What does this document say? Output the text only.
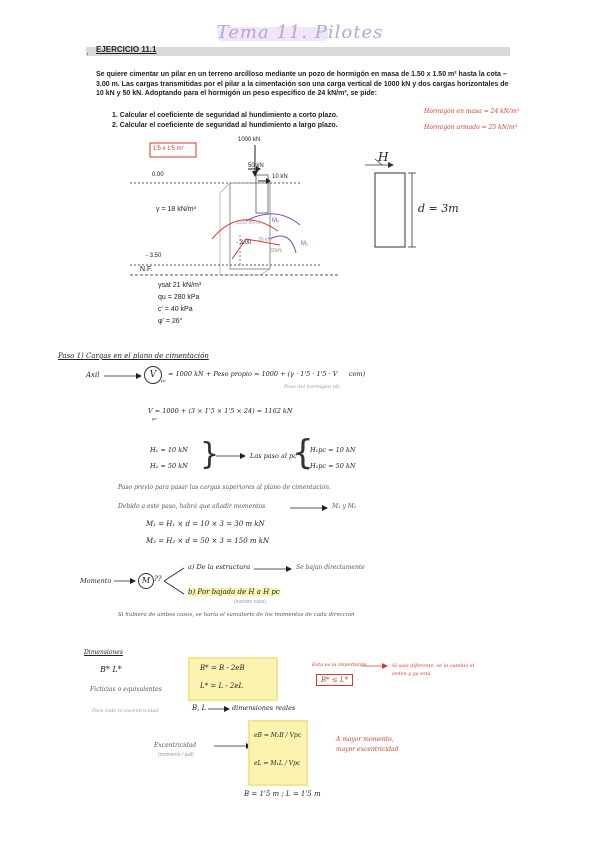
Tema 11. Pilotes
, EJERCICIO 11.1
Se quiere cimentar un pilar en un terreno arcilloso mediante un pozo de hormigón en masa de 1.50 x 1.50 m² hasta la cota –3.00 m. Las cargas transmitidas por el pilar a la cimentación son una carga vertical de 1000 kN y dos cargas horizontales de 10 kN y 50 kN. Adoptando para el hormigón un peso específico de 24 kN/m³, se pide:
1. Calcular el coeficiente de seguridad al hundimiento a corto plazo.
2. Calcular el coeficiente de seguridad al hundimiento a largo plazo.
Hormigón en masa = 24 kN/m³
Hormigón armado = 25 kN/m³
1'5 x 1'5 m²
1000 kN
50 kN
10 kN
0.00
γ = 18 kN/m³
- 3.50
- 3.00
N.F.
1500 kN·m
30 kN
30kN
M₂
M₁
γsat 21 kN/m³
qu = 280 kPa
c' = 40 kPa
φ' = 26°
H
d = 3m
Paso 1) Cargas en el plano de cimentación
Axil	V
pc
= 1000 kN + Peso propio = 1000 + (γ · 1'5 · 1'5 · V com)
Peso del hormigón (d)
V = 1000 + (3 × 1'5 × 1'5 × 24) = 1162 kN
pc
H₁ = 10 kN
H₂ = 50 kN }	Las paso al pc
{
H₁pc = 10 kN
H₂pc = 50 kN
Paso previo para pasar las cargas superiores al plano de cimentación.
Debido a este paso, habrá que añadir momentos	M₁ y M₂
M₁ = H₁ × d = 10 × 3 = 30 m kN
M₂ = H₂ × d = 50 × 3 = 150 m kN
Momento	M ??
a) De la estructura	Se bajan directamente
b) Por bajada de H a H pc
(nuestro caso)
Si hubiera de ambos casos, se haría el sumatorio de los momentos de cada dirección
Dimensiones
B* L*
Ficticias o equivalentes
Para todo lo excentricidad
B* = B - 2eB
L* = L - 2eL
B, L	dimensiones reales
Esta es la importante	Si sale diferente, se le cambia el orden y ya está
B* ≤ L*
Excentricidad
(momento / axil)
eB = M₂B / Vpc
eL = M₁L / Vpc
A mayor momento,
mayor excentricidad
B = 1'5 m ; L = 1'5 m
